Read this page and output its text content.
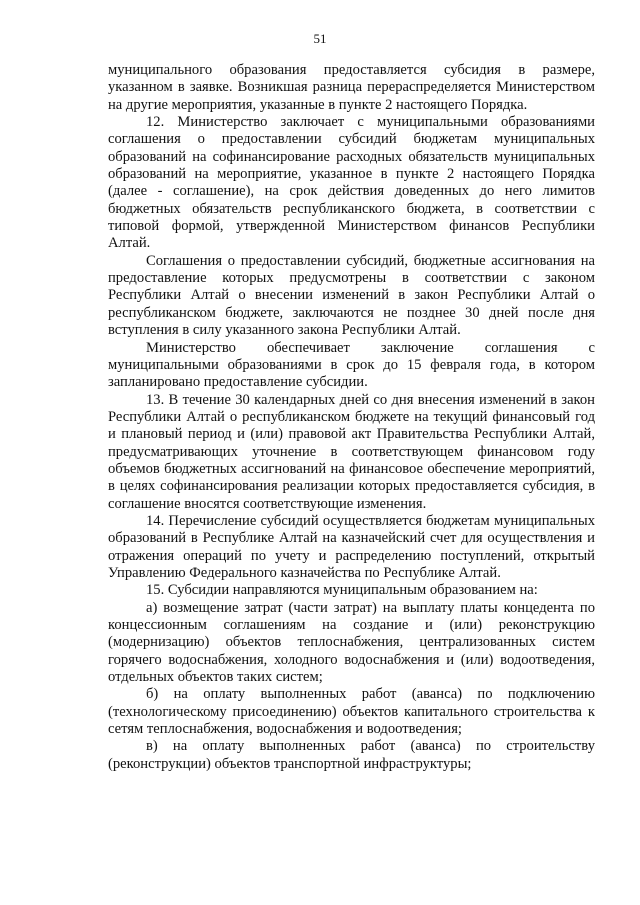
51

муниципального образования предоставляется субсидия в размере, указанном в заявке. Возникшая разница перераспределяется Министерством на другие мероприятия, указанные в пункте 2 настоящего Порядка.

12. Министерство заключает с муниципальными образованиями соглашения о предоставлении субсидий бюджетам муниципальных образований на софинансирование расходных обязательств муниципальных образований на мероприятие, указанное в пункте 2 настоящего Порядка (далее - соглашение), на срок действия доведенных до него лимитов бюджетных обязательств республиканского бюджета, в соответствии с типовой формой, утвержденной Министерством финансов Республики Алтай.

Соглашения о предоставлении субсидий, бюджетные ассигнования на предоставление которых предусмотрены в соответствии с законом Республики Алтай о внесении изменений в закон Республики Алтай о республиканском бюджете, заключаются не позднее 30 дней после дня вступления в силу указанного закона Республики Алтай.

Министерство обеспечивает заключение соглашения с муниципальными образованиями в срок до 15 февраля года, в котором запланировано предоставление субсидии.

13. В течение 30 календарных дней со дня внесения изменений в закон Республики Алтай о республиканском бюджете на текущий финансовый год и плановый период и (или) правовой акт Правительства Республики Алтай, предусматривающих уточнение в соответствующем финансовом году объемов бюджетных ассигнований на финансовое обеспечение мероприятий, в целях софинансирования реализации которых предоставляется субсидия, в соглашение вносятся соответствующие изменения.

14. Перечисление субсидий осуществляется бюджетам муниципальных образований в Республике Алтай на казначейский счет для осуществления и отражения операций по учету и распределению поступлений, открытый Управлению Федерального казначейства по Республике Алтай.

15. Субсидии направляются муниципальным образованием на:

а) возмещение затрат (части затрат) на выплату платы концедента по концессионным соглашениям на создание и (или) реконструкцию (модернизацию) объектов теплоснабжения, централизованных систем горячего водоснабжения, холодного водоснабжения и (или) водоотведения, отдельных объектов таких систем;

б) на оплату выполненных работ (аванса) по подключению (технологическому присоединению) объектов капитального строительства к сетям теплоснабжения, водоснабжения и водоотведения;

в) на оплату выполненных работ (аванса) по строительству (реконструкции) объектов транспортной инфраструктуры;
